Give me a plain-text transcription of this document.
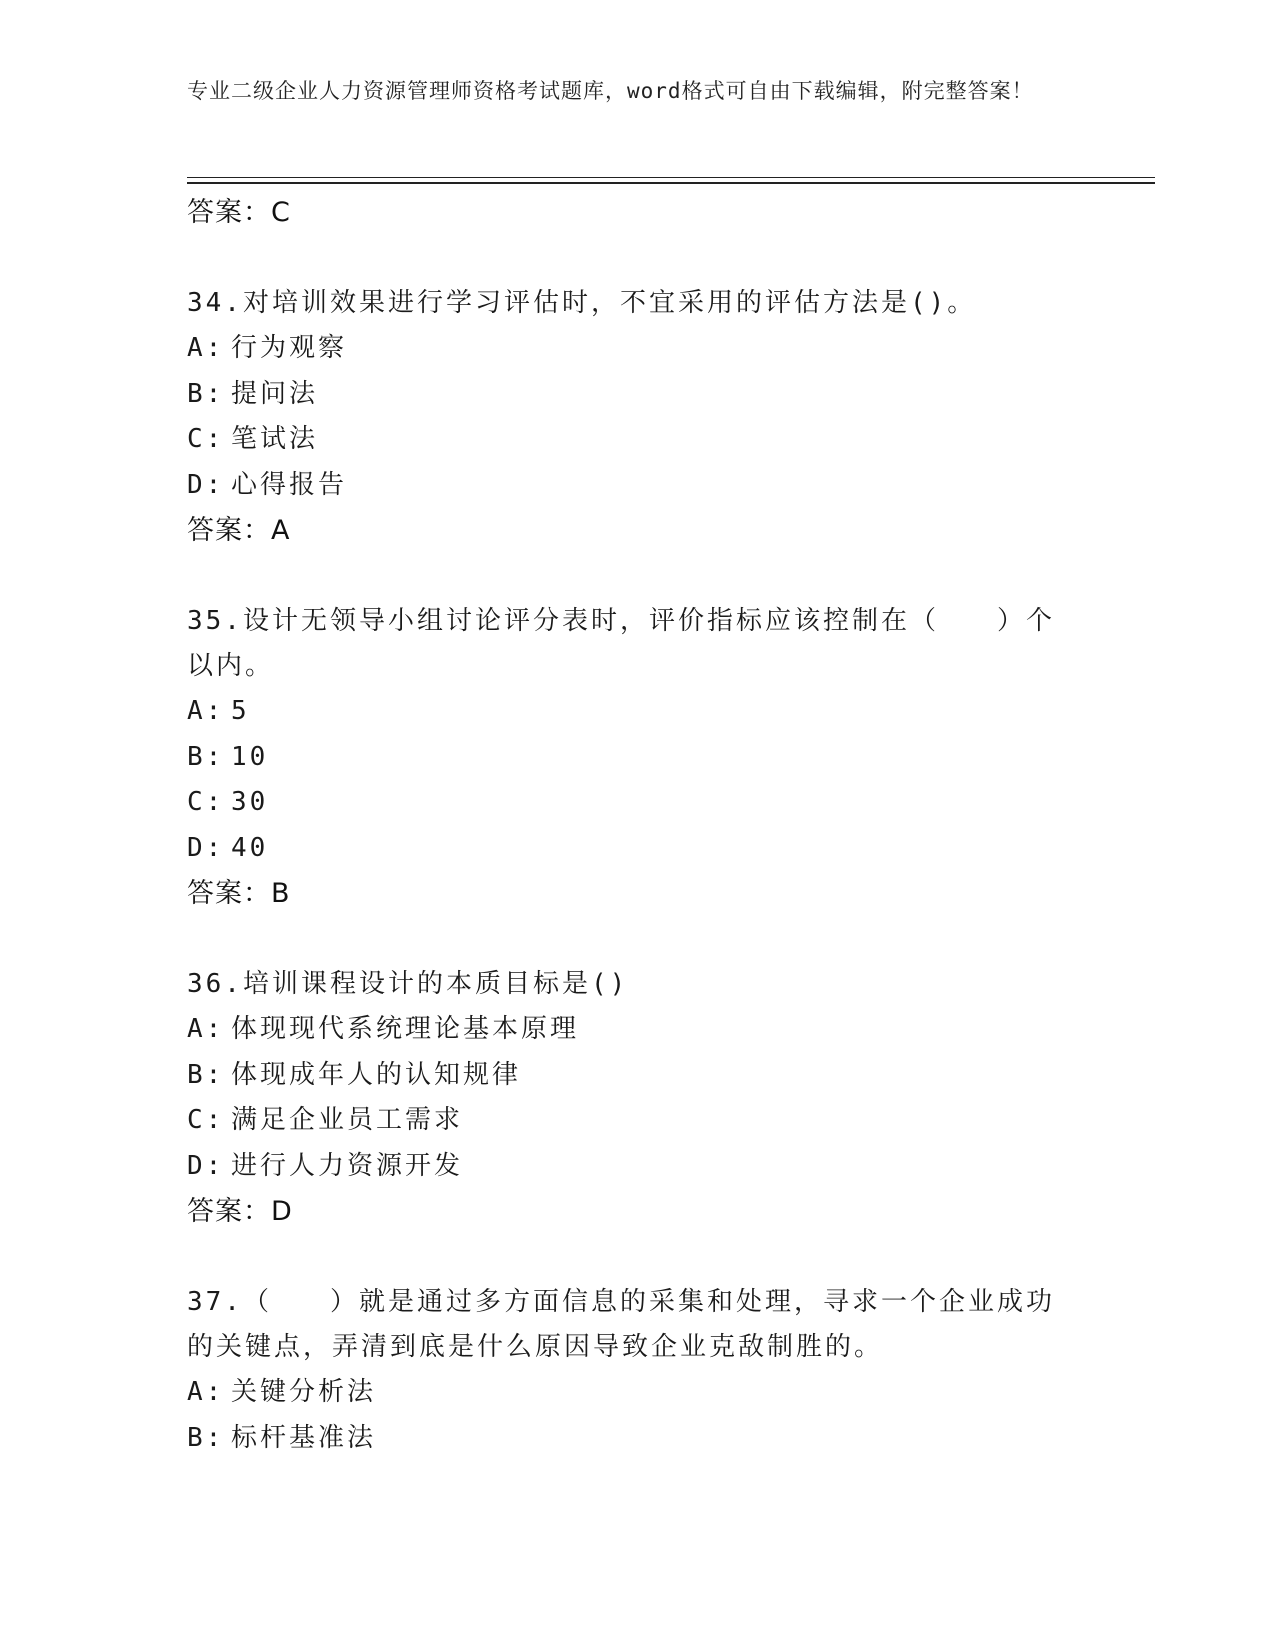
专业二级企业人力资源管理师资格考试题库，word格式可自由下载编辑，附完整答案！
答案：C
34.对培训效果进行学习评估时，不宜采用的评估方法是()。
A: 行为观察
B: 提问法
C: 笔试法
D: 心得报告
答案：A
35.设计无领导小组讨论评分表时，评价指标应该控制在（　　）个以内。
A: 5
B: 10
C: 30
D: 40
答案：B
36.培训课程设计的本质目标是()
A: 体现现代系统理论基本原理
B: 体现成年人的认知规律
C: 满足企业员工需求
D: 进行人力资源开发
答案：D
37.（　　）就是通过多方面信息的采集和处理，寻求一个企业成功的关键点，弄清到底是什么原因导致企业克敌制胜的。
A: 关键分析法
B: 标杆基准法
